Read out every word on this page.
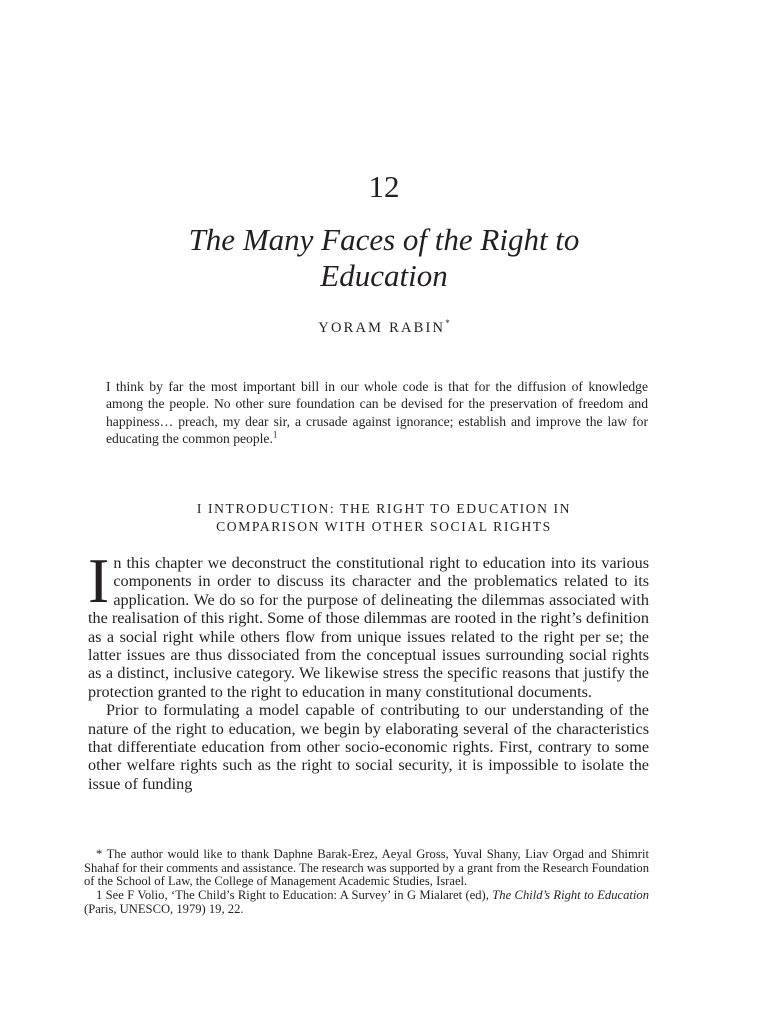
12
The Many Faces of the Right to
Education
YORAM RABIN*
I think by far the most important bill in our whole code is that for the diffusion of knowledge among the people. No other sure foundation can be devised for the preservation of freedom and happiness… preach, my dear sir, a crusade against ignorance; establish and improve the law for educating the common people.$^1$
I INTRODUCTION: THE RIGHT TO EDUCATION IN
COMPARISON WITH OTHER SOCIAL RIGHTS

In this chapter we deconstruct the constitutional right to education into its various components in order to discuss its character and the problematics related to its application. We do so for the purpose of delineating the dilemmas associated with the realisation of this right. Some of those dilemmas are rooted in the right’s definition as a social right while others flow from unique issues related to the right per se; the latter issues are thus dissociated from the conceptual issues surrounding social rights as a distinct, inclusive category. We likewise stress the specific reasons that justify the protection granted to the right to education in many constitutional documents.

Prior to formulating a model capable of contributing to our understanding of the nature of the right to education, we begin by elaborating several of the characteristics that differentiate education from other socio-economic rights. First, contrary to some other welfare rights such as the right to social security, it is impossible to isolate the issue of funding

* The author would like to thank Daphne Barak-Erez, Aeyal Gross, Yuval Shany, Liav Orgad and Shimrit Shahaf for their comments and assistance. The research was supported by a grant from the Research Foundation of the School of Law, the College of Management Academic Studies, Israel.

1 See F Volio, ‘The Child’s Right to Education: A Survey’ in G Mialaret (ed), The Child’s Right to Education (Paris, UNESCO, 1979) 19, 22.
